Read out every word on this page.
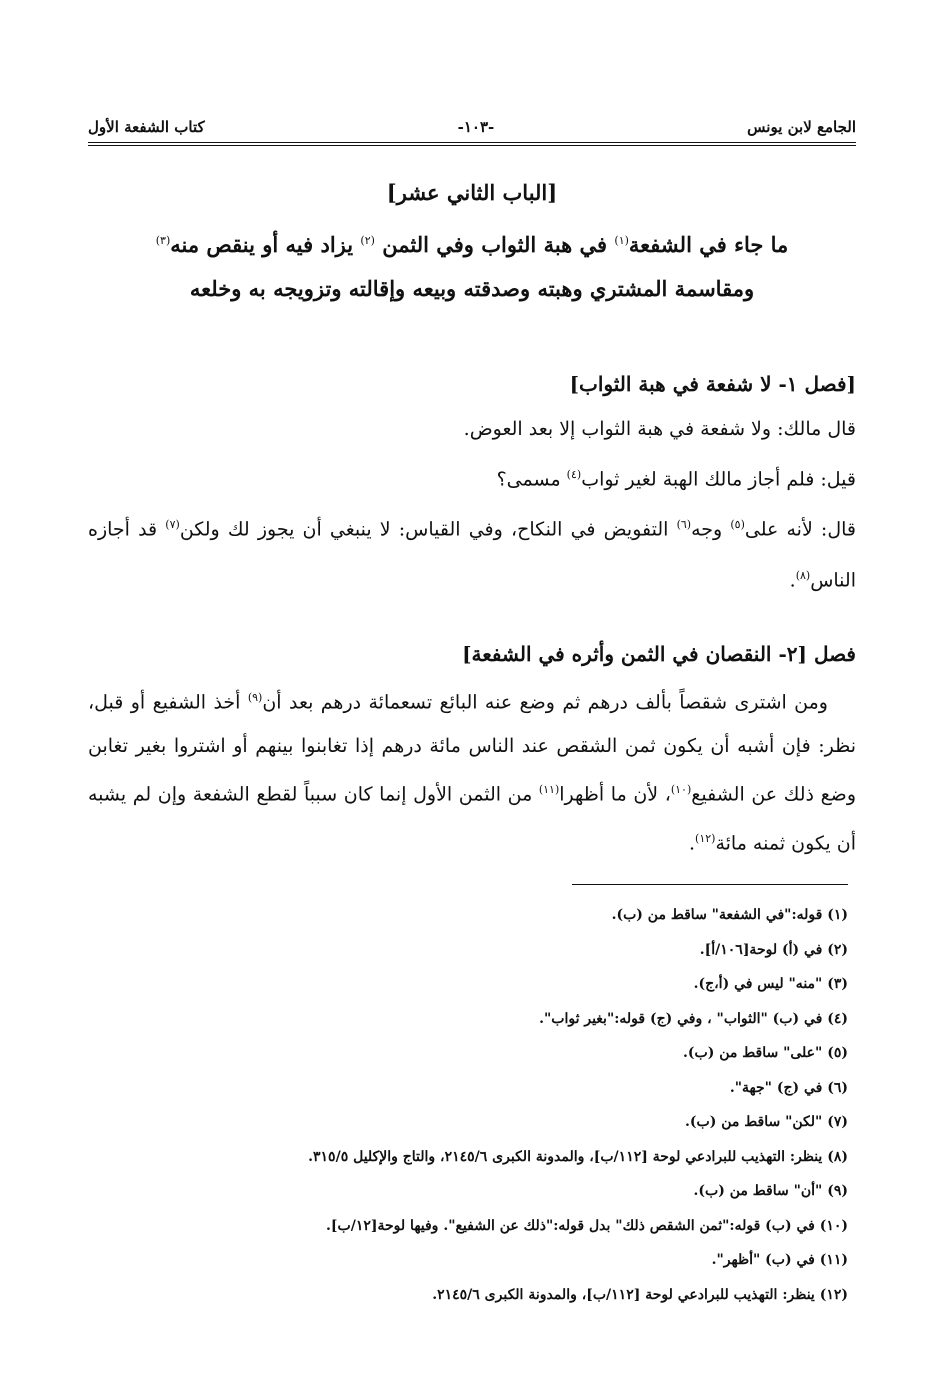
الجامع لابن يونس
-١٠٣-
كتاب الشفعة الأول

[الباب الثاني عشر]

ما جاء في الشفعة$^{(١)}$ في هبة الثواب وفي الثمن $^{(٢)}$ يزاد فيه أو ينقص منه$^{(٣)}$
ومقاسمة المشتري وهبته وصدقته وبيعه وإقالته وتزويجه به وخلعه

[فصل ١- لا شفعة في هبة الثواب]

قال مالك: ولا شفعة في هبة الثواب إلا بعد العوض.

قيل: فلم أجاز مالك الهبة لغير ثواب$^{(٤)}$ مسمى؟

قال: لأنه على$^{(٥)}$ وجه$^{(٦)}$ التفويض في النكاح، وفي القياس: لا ينبغي أن يجوز لك ولكن$^{(٧)}$ قد أجازه الناس$^{(٨)}$.

فصل [٢- النقصان في الثمن وأثره في الشفعة]

ومن اشترى شقصاً بألف درهم ثم وضع عنه البائع تسعمائة درهم بعد أن$^{(٩)}$ أخذ الشفيع أو قبل، نظر: فإن أشبه أن يكون ثمن الشقص عند الناس مائة درهم إذا تغابنوا بينهم أو اشتروا بغير تغابن وضع ذلك عن الشفيع$^{(١٠)}$، لأن ما أظهرا$^{(١١)}$ من الثمن الأول إنما كان سبباً لقطع الشفعة وإن لم يشبه أن يكون ثمنه مائة$^{(١٢)}$.

(١) قوله:"في الشفعة" ساقط من (ب).
(٢) في (أ) لوحة[١٠٦/أ].
(٣) "منه" ليس في (أ،ج).
(٤) في (ب) "الثواب" ، وفي (ج) قوله:"بغير ثواب".
(٥) "على" ساقط من (ب).
(٦) في (ج) "جهة".
(٧) "لكن" ساقط من (ب).
(٨) ينظر: التهذيب للبرادعي لوحة [١١٢/ب]، والمدونة الكبرى ٢١٤٥/٦، والتاج والإكليل ٣١٥/٥.
(٩) "أن" ساقط من (ب).
(١٠) في (ب) قوله:"ثمن الشقص ذلك" بدل قوله:"ذلك عن الشفيع". وفيها لوحة[١٢/ب].
(١١) في (ب) "أظهر".
(١٢) ينظر: التهذيب للبرادعي لوحة [١١٢/ب]، والمدونة الكبرى ٢١٤٥/٦.
